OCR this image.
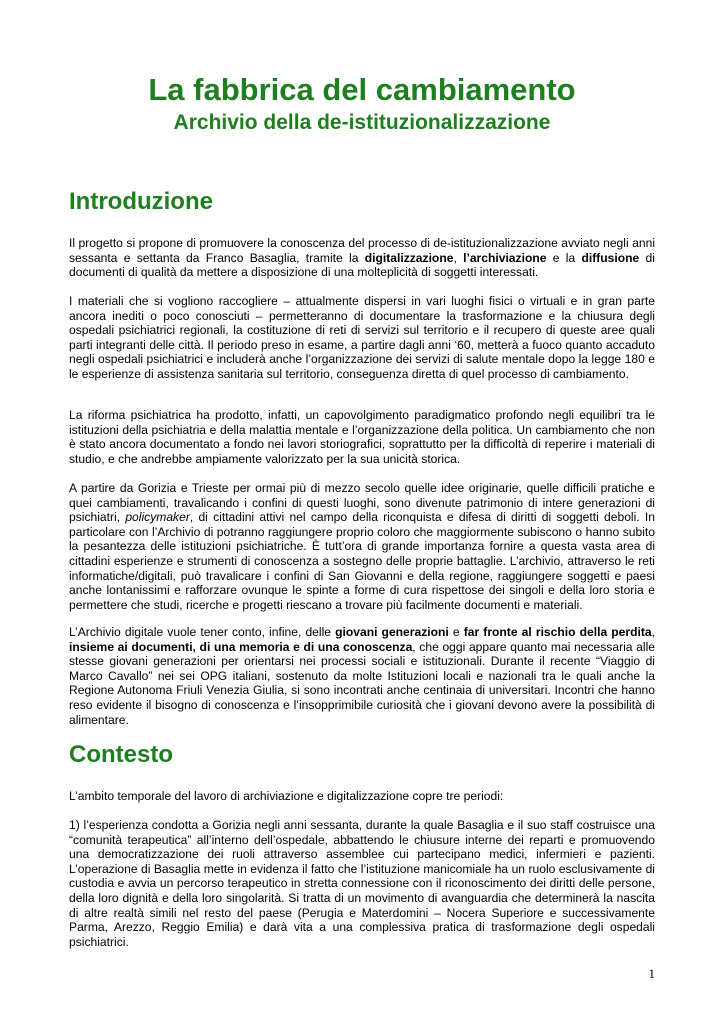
La fabbrica del cambiamento
Archivio della de-istituzionalizzazione
Introduzione

Il progetto si propone di promuovere la conoscenza del processo di de-istituzionalizzazione avviato negli anni sessanta e settanta da Franco Basaglia, tramite la digitalizzazione, l’archiviazione e la diffusione di documenti di qualità da mettere a disposizione di una molteplicità di soggetti interessati.

I materiali che si vogliono raccogliere – attualmente dispersi in vari luoghi fisici o virtuali e in gran parte ancora inediti o poco conosciuti – permetteranno di documentare la trasformazione e la chiusura degli ospedali psichiatrici regionali, la costituzione di reti di servizi sul territorio e il recupero di queste aree quali parti integranti delle città. Il periodo preso in esame, a partire dagli anni ‘60, metterà a fuoco quanto accaduto negli ospedali psichiatrici e includerà anche l’organizzazione dei servizi di salute mentale dopo la legge 180 e le esperienze di assistenza sanitaria sul territorio, conseguenza diretta di quel processo di cambiamento.

La riforma psichiatrica ha prodotto, infatti, un capovolgimento paradigmatico profondo negli equilibri tra le istituzioni della psichiatria e della malattia mentale e l’organizzazione della politica. Un cambiamento che non è stato ancora documentato a fondo nei lavori storiografici, soprattutto per la difficoltà di reperire i materiali di studio, e che andrebbe ampiamente valorizzato per la sua unicità storica.

A partire da Gorizia e Trieste per ormai più di mezzo secolo quelle idee originarie, quelle difficili pratiche e quei cambiamenti, travalicando i confini di questi luoghi, sono divenute patrimonio di intere generazioni di psichiatri, policymaker, di cittadini attivi nel campo della riconquista e difesa di diritti di soggetti deboli. In particolare con l’Archivio di potranno raggiungere proprio coloro che maggiormente subiscono o hanno subito la pesantezza delle istituzioni psichiatriche. È tutt’ora di grande importanza fornire a questa vasta area di cittadini esperienze e strumenti di conoscenza a sostegno delle proprie battaglie. L’archivio, attraverso le reti informatiche/digitali, può travalicare i confini di San Giovanni e della regione, raggiungere soggetti e paesi anche lontanissimi e rafforzare ovunque le spinte a forme di cura rispettose dei singoli e della loro storia e permettere che studi, ricerche e progetti riescano a trovare più facilmente documenti e materiali.

L’Archivio digitale vuole tener conto, infine, delle giovani generazioni e far fronte al rischio della perdita, insieme ai documenti, di una memoria e di una conoscenza, che oggi appare quanto mai necessaria alle stesse giovani generazioni per orientarsi nei processi sociali e istituzionali. Durante il recente “Viaggio di Marco Cavallo” nei sei OPG italiani, sostenuto da molte Istituzioni locali e nazionali tra le quali anche la Regione Autonoma Friuli Venezia Giulia, si sono incontrati anche centinaia di universitari. Incontri che hanno reso evidente il bisogno di conoscenza e l’insopprimibile curiosità che i giovani devono avere la possibilità di alimentare.

Contesto

L’ambito temporale del lavoro di archiviazione e digitalizzazione copre tre periodi:

1) l’esperienza condotta a Gorizia negli anni sessanta, durante la quale Basaglia e il suo staff costruisce una “comunità terapeutica” all’interno dell’ospedale, abbattendo le chiusure interne dei reparti e promuovendo una democratizzazione dei ruoli attraverso assemblee cui partecipano medici, infermieri e pazienti. L’operazione di Basaglia mette in evidenza il fatto che l’istituzione manicomiale ha un ruolo esclusivamente di custodia e avvia un percorso terapeutico in stretta connessione con il riconoscimento dei diritti delle persone, della loro dignità e della loro singolarità. Si tratta di un movimento di avanguardia che determinerà la nascita di altre realtà simili nel resto del paese (Perugia e Materdomini – Nocera Superiore e successivamente Parma, Arezzo, Reggio Emilia) e darà vita a una complessiva pratica di trasformazione degli ospedali psichiatrici.

1
